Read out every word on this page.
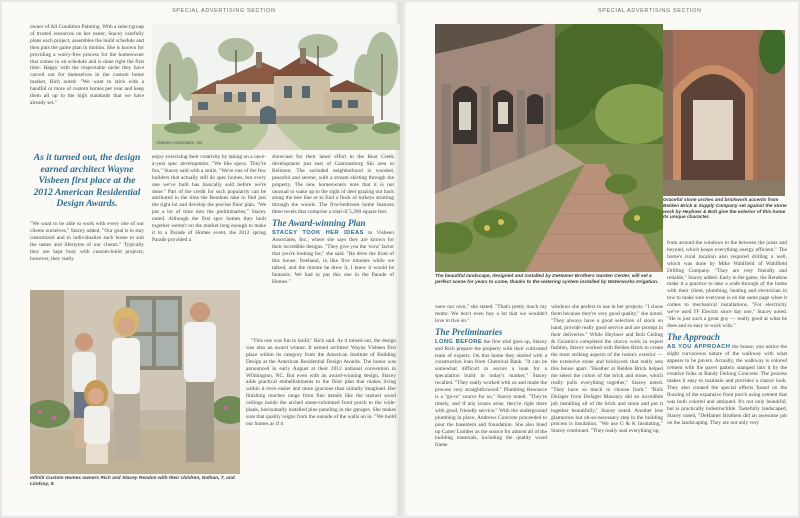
SPECIAL ADVERTISING SECTION

owner of All Condition Painting. With a select group of trusted resources on her roster, Stacey carefully plans each project, assembles the build schedule and then puts the game plan in motion. She is known for providing a worry-free process for the homeowner that comes in on schedule and is done right the first time. Happy with the respectable niche they have carved out for themselves in the custom home market, Rich noted: "We want to stick with a handful or more of custom homes per year and keep them all up to the high standards that we have already set."

As it turned out, the design earned architect Wayne Visbeen first place at the 2012 American Residential Design Awards.

"We want to be able to work with every one of our clients ourselves," Stacey added. "Our goal is to stay customized and to individualize each home to suit the tastes and lifestyles of our clients." Typically they are kept busy with custom-build projects; however, they really

Visbeen Associates, Inc.

enjoy exercising their creativity by taking on a once-a-year spec development. "We like specs. They're fun," Stacey said with a smile. "We're one of the few builders that actually still do spec homes, but every one we've built has basically sold before we're done." Part of the credit for such popularity can be attributed to the time the Rendons take to find just the right lot and develop the precise floor plan. "We put a lot of time into the preliminaries," Stacey noted. Although the first spec homes they built together weren't on the market long enough to make it to a Parade of Homes event, the 2012 spring Parade provided a

showcase for their latest effort in the Bear Creek development just east of Cannonsburg Ski area in Belmont. The secluded neighborhood is wooded, peaceful and serene, with a stream skirting through the property. The new homeowners note that it is not unusual to wake up to the sight of deer grazing out back along the tree line or to find a flock of turkeys strutting through the woods. The five-bedroom home features three levels that comprise a total of 5,300 square feet.

The Award-winning Plan

STACEY TOOK HER IDEAS to Visbeen Associates, Inc., where she says they are known for their incredible designs. "They give you the 'wow' factor that you're looking for," she said. "He drew the front of this house, freehand, in like five minutes while we talked, and the minute he drew it, I knew it would be fantastic. We had to put this one in the Parade of Homes."

Infiniti Custom Homes owners Rich and Stacey Rendon with their children, Nathan, 7, and Lindsay, 9.

"This one was fun to build," Rich said. As it turned out, the design was also an award winner. It earned architect Wayne Visbeen first place within its category from the American Institute of Building Design at the American Residential Design Awards. The honor was announced in early August at their 2012 national convention in Wilmington, NC. But even with an award-winning design, Stacey adds practical embellishments to the floor plan that makes living within it even easier and more gracious than initially imagined. Her finishing touches range from fine details like the stained wood ceilings inside the arched stone-columned front porch to the wide-plank, horizontally installed pine paneling in the garages. She makes sure that quality reigns from the outside of the walls on in. "We build our homes as if it

SPECIAL ADVERTISING SECTION
The beautiful landscape, designed and installed by DeHamer Brothers Garden Center, will set a perfect scene for years to come, thanks to the watering system installed by Waterworks Irrigation.
Graceful stone arches and brickwork accents from Belden Brick & Supply Company set against the stone work by Heyboer & Bolt give the exterior of this home its unique character.

were our own," she stated. "That's pretty much my motto. We don't even buy a lot that we wouldn't love to live on."

The Preliminaries

LONG BEFORE the first stud goes up, Stacey and Rich prepare the property with their cultivated team of experts. On this home they started with a construction loan from Chemical Bank. "It can be somewhat difficult to secure a loan for a speculation build in today's market," Stacey recalled. "They really worked with us and made the process very straightforward." Plumbing Resource is a "go-to" source for us," Stacey noted. "They're timely, and if any issues arise, they're right there with good, friendly service." With the underground plumbing in place, Andrews Concrete proceeded to pour the basement and foundation. She also lined up Carter Lumber as the source for almost all of the building materials, including the quality wood frame

windows she prefers to use in her projects. "I chose them because they're very good quality," she noted. "They always have a good selection of stock on hand, provide really good service and are prompt in their deliveries." While Heyboer and Bolt Ceiling & Ceramics completed the stucco work in expert fashion, Stacey worked with Belden Brick to create the most striking aspects of the home's exterior — the extensive stone and brickwork that really sets this house apart. "Heather at Belden Brick helped me select the colors of the brick and stone, which really pulls everything together," Stacey noted. "They have so much to choose from." "Rick DeJager from DeJager Masonry did an incredible job installing all of the brick and stone and put it together beautifully," Stacey noted. Another less glamorous but oh-so-necessary step in the building process is insulation. "We use G & K Insulating," Stacey continued. "They really seal everything up,

from around the windows to the between the joists and beyond, which keeps everything energy efficient." The home's rural location also required drilling a well, which was done by Mike Wahlfield of Wahlfield Drilling Company. "They are very friendly and reliable," Stacey added. Early in the game, the Rendons make it a practice to take a walk-through of the home with their client, plumbing, heating and electrician in tow to make sure everyone is on the same page when it comes to mechanical installations. "For electricity we've used TF Electric since day one," Stacey noted. "He is just such a great guy — really good at what he does and so easy to work with."

The Approach

AS YOU APPROACH the house, you notice the slight curvaceous nature of the walkway with what appears to be pavers. Actually, the walkway is colored cement with the paver pattern stamped into it by the creative folks at Randy DeJong Concrete. The process makes it easy to maintain and provides a classic look. They also created the special effects found on the flooring of the expansive front porch using cement that was both colored and antiqued. It's not only beautiful, but is practically indestructible. Tastefully landscaped, Stacey noted, "DeHamer Brothers did an awesome job on the landscaping. They are not only very
